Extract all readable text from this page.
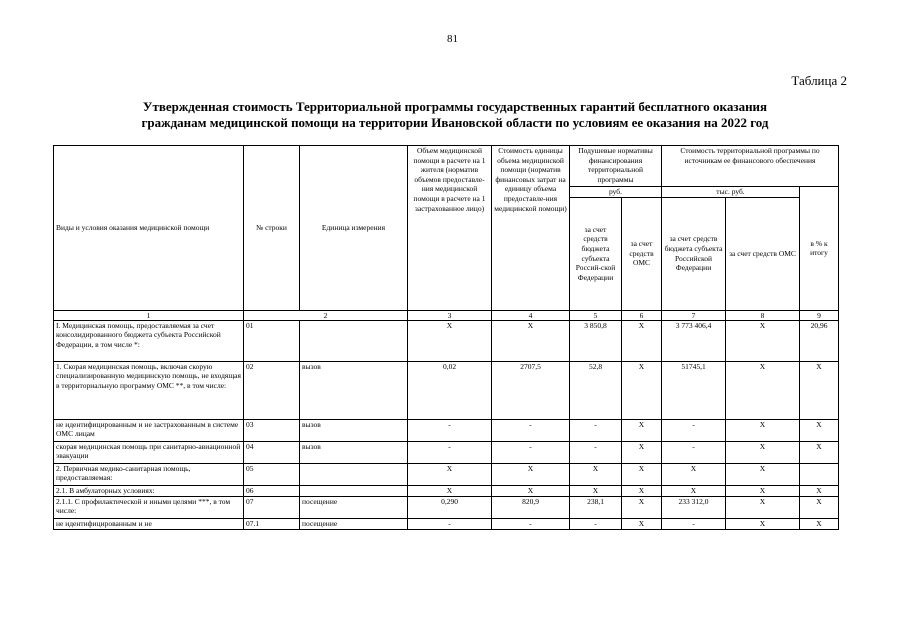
81
Таблица 2
Утвержденная стоимость Территориальной программы государственных гарантий бесплатного оказания
гражданам медицинской помощи на территории Ивановской области по условиям ее оказания на 2022 год
Виды и условия оказания медицинской помощи	№ строки	Единица измерения	Объем медицинской помощи в расчете на 1 жителя (норматив объемов предоставле-ния медицинской помощи в расчете на 1 застрахованное лицо)	Стоимость единицы объема медицинской помощи (норматив финансовых затрат на единицу объема предоставле-ния медицинской помощи)	Подушевые нормативы финансирования территориальной программы		Стоимость территориальной программы по источникам ее финансового обеспечения		
					руб.		тыс. руб.		в % к итогу
					за счет средств бюджета субъекта Россий-ской Федерации	за счет средств ОМС	за счет средств бюджета субъекта Российской Федерации	за счет средств ОМС	
1	2		3	4	5	6	7	8	9
I. Медицинская помощь, предоставляемая за счет консолидированного бюджета субъекта Российской Федерации, в том числе *:	01		X	X	3 850,8	X	3 773 406,4	X	20,96
1. Скорая медицинская помощь, включая скорую специализированную медицинскую помощь, не входящая в территориальную программу ОМС **, в том числе:	02	вызов	0,02	2707,5	52,8	X	51745,1	X	X
не идентифицированным и не застрахованным в системе ОМС лицам	03	вызов	-	-	-	X	-	X	X
скорая медицинская помощь при санитарно-авиационной эвакуации	04	вызов	-	-	-	X	-	X	X
2. Первичная медико-санитарная помощь, предоставляемая:	05		X	X	X	X	X	X	
2.1. В амбулаторных условиях:	06		X	X	X	X	X	X	X
2.1.1. С профилактической и иными целями ***, в том числе:	07	посещение	0,290	820,9	238,1	X	233 312,0	X	X
не идентифицированным и не	07.1	посещение	-	-	-	X	-	X	X
